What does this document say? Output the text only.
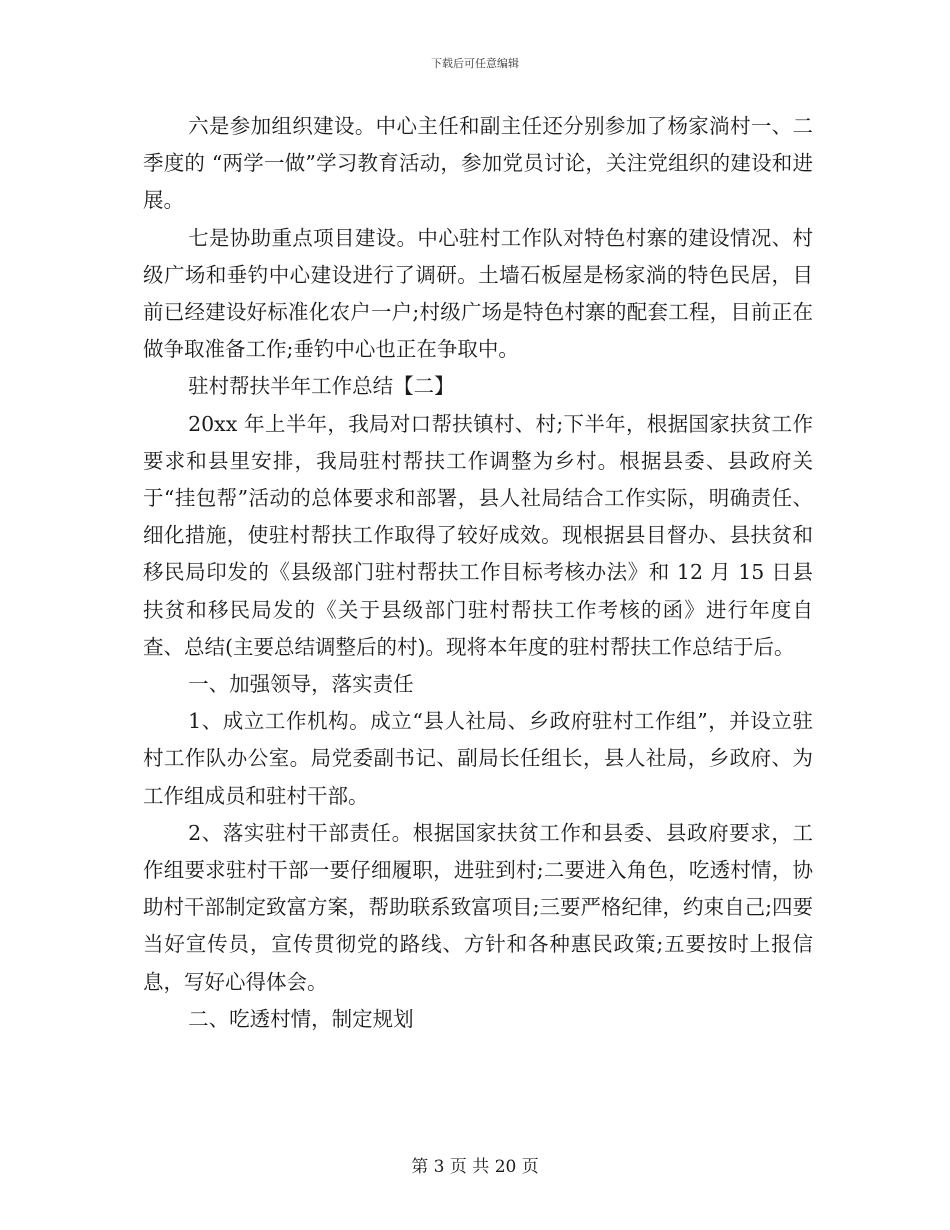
下载后可任意编辑

六是参加组织建设。中心主任和副主任还分别参加了杨家淌村一、二季度的 “两学一做”学习教育活动，参加党员讨论，关注党组织的建设和进展。

七是协助重点项目建设。中心驻村工作队对特色村寨的建设情况、村级广场和垂钓中心建设进行了调研。土墙石板屋是杨家淌的特色民居，目前已经建设好标准化农户一户;村级广场是特色村寨的配套工程，目前正在做争取准备工作;垂钓中心也正在争取中。

驻村帮扶半年工作总结【二】

20xx 年上半年，我局对口帮扶镇村、村;下半年，根据国家扶贫工作要求和县里安排，我局驻村帮扶工作调整为乡村。根据县委、县政府关于“挂包帮”活动的总体要求和部署，县人社局结合工作实际，明确责任、细化措施，使驻村帮扶工作取得了较好成效。现根据县目督办、县扶贫和移民局印发的《县级部门驻村帮扶工作目标考核办法》和 12 月 15 日县扶贫和移民局发的《关于县级部门驻村帮扶工作考核的函》进行年度自查、总结(主要总结调整后的村)。现将本年度的驻村帮扶工作总结于后。

一、加强领导，落实责任

1、成立工作机构。成立“县人社局、乡政府驻村工作组”，并设立驻村工作队办公室。局党委副书记、副局长任组长，县人社局，乡政府、为工作组成员和驻村干部。

2、落实驻村干部责任。根据国家扶贫工作和县委、县政府要求，工作组要求驻村干部一要仔细履职，进驻到村;二要进入角色，吃透村情，协助村干部制定致富方案，帮助联系致富项目;三要严格纪律，约束自己;四要当好宣传员，宣传贯彻党的路线、方针和各种惠民政策;五要按时上报信息，写好心得体会。

二、吃透村情，制定规划

第 3 页 共 20 页
